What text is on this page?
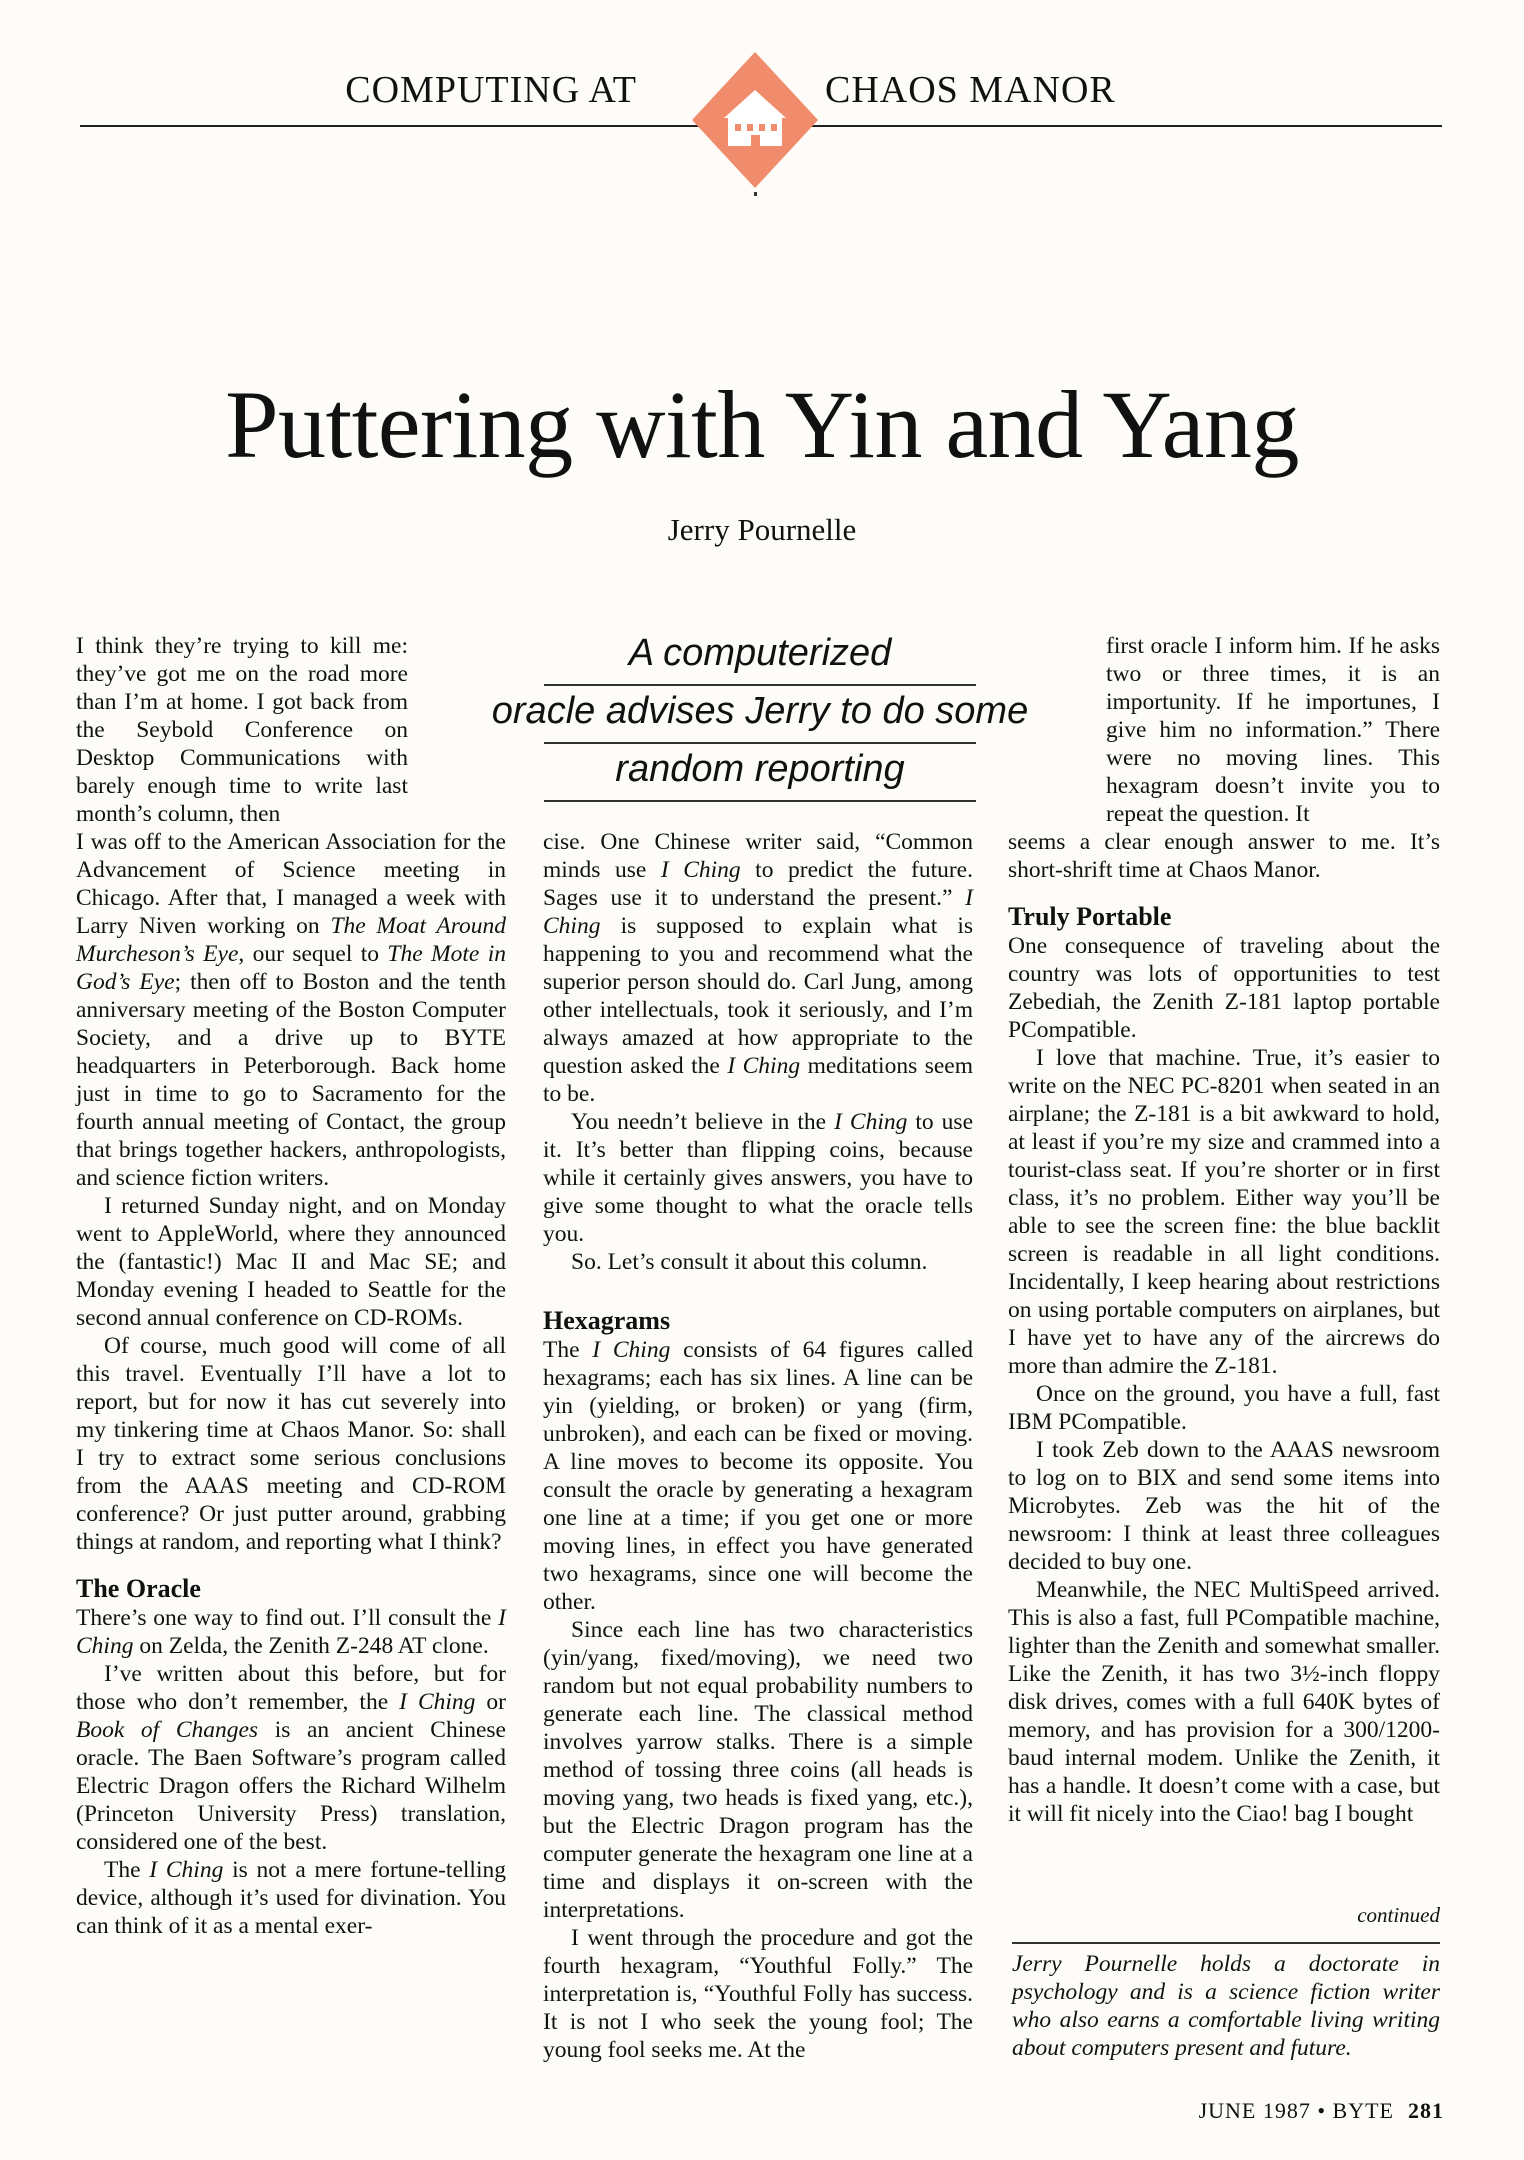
COMPUTING AT	CHAOS MANOR
Puttering with Yin and Yang
Jerry Pournelle
A computerized
oracle advises Jerry to do some
random reporting

I think they’re trying to kill me: they’ve got me on the road more than I’m at home. I got back from the Seybold Conference on Desktop Communications with barely enough time to write last month’s column, then

I was off to the American Association for the Advancement of Science meeting in Chicago. After that, I managed a week with Larry Niven working on The Moat Around Murcheson’s Eye, our sequel to The Mote in God’s Eye; then off to Boston and the tenth anniversary meeting of the Boston Computer Society, and a drive up to BYTE headquarters in Peterborough. Back home just in time to go to Sacramento for the fourth annual meeting of Contact, the group that brings together hackers, anthropologists, and science fiction writers.

I returned Sunday night, and on Monday went to AppleWorld, where they announced the (fantastic!) Mac II and Mac SE; and Monday evening I headed to Seattle for the second annual conference on CD-ROMs.

Of course, much good will come of all this travel. Eventually I’ll have a lot to report, but for now it has cut severely into my tinkering time at Chaos Manor. So: shall I try to extract some serious conclusions from the AAAS meeting and CD-ROM conference? Or just putter around, grabbing things at random, and reporting what I think?

The Oracle

There’s one way to find out. I’ll consult the I Ching on Zelda, the Zenith Z-248 AT clone.

I’ve written about this before, but for those who don’t remember, the I Ching or Book of Changes is an ancient Chinese oracle. The Baen Software’s program called Electric Dragon offers the Richard Wilhelm (Princeton University Press) translation, considered one of the best.

The I Ching is not a mere fortune-telling device, although it’s used for divination. You can think of it as a mental exer-

cise. One Chinese writer said, “Common minds use I Ching to predict the future. Sages use it to understand the present.” I Ching is supposed to explain what is happening to you and recommend what the superior person should do. Carl Jung, among other intellectuals, took it seriously, and I’m always amazed at how appropriate to the question asked the I Ching meditations seem to be.

You needn’t believe in the I Ching to use it. It’s better than flipping coins, because while it certainly gives answers, you have to give some thought to what the oracle tells you.

So. Let’s consult it about this column.

Hexagrams

The I Ching consists of 64 figures called hexagrams; each has six lines. A line can be yin (yielding, or broken) or yang (firm, unbroken), and each can be fixed or moving. A line moves to become its opposite. You consult the oracle by generating a hexagram one line at a time; if you get one or more moving lines, in effect you have generated two hexagrams, since one will become the other.

Since each line has two characteristics (yin/yang, fixed/moving), we need two random but not equal probability numbers to generate each line. The classical method involves yarrow stalks. There is a simple method of tossing three coins (all heads is moving yang, two heads is fixed yang, etc.), but the Electric Dragon program has the computer generate the hexagram one line at a time and displays it on-screen with the interpretations.

I went through the procedure and got the fourth hexagram, “Youthful Folly.” The interpretation is, “Youthful Folly has success. It is not I who seek the young fool; The young fool seeks me. At the

first oracle I inform him. If he asks two or three times, it is an importunity. If he importunes, I give him no information.” There were no moving lines. This hexagram doesn’t invite you to repeat the question. It

seems a clear enough answer to me. It’s short-shrift time at Chaos Manor.

Truly Portable

One consequence of traveling about the country was lots of opportunities to test Zebediah, the Zenith Z-181 laptop portable PCompatible.

I love that machine. True, it’s easier to write on the NEC PC-8201 when seated in an airplane; the Z-181 is a bit awkward to hold, at least if you’re my size and crammed into a tourist-class seat. If you’re shorter or in first class, it’s no problem. Either way you’ll be able to see the screen fine: the blue backlit screen is readable in all light conditions. Incidentally, I keep hearing about restrictions on using portable computers on airplanes, but I have yet to have any of the aircrews do more than admire the Z-181.

Once on the ground, you have a full, fast IBM PCompatible.

I took Zeb down to the AAAS newsroom to log on to BIX and send some items into Microbytes. Zeb was the hit of the newsroom: I think at least three colleagues decided to buy one.

Meanwhile, the NEC MultiSpeed arrived. This is also a fast, full PCompatible machine, lighter than the Zenith and somewhat smaller. Like the Zenith, it has two 3½-inch floppy disk drives, comes with a full 640K bytes of memory, and has provision for a 300/1200-baud internal modem. Unlike the Zenith, it has a handle. It doesn’t come with a case, but it will fit nicely into the Ciao! bag I bought

continued
Jerry Pournelle holds a doctorate in psychology and is a science fiction writer who also earns a comfortable living writing about computers present and future.
JUNE 1987 • BYTE 281
